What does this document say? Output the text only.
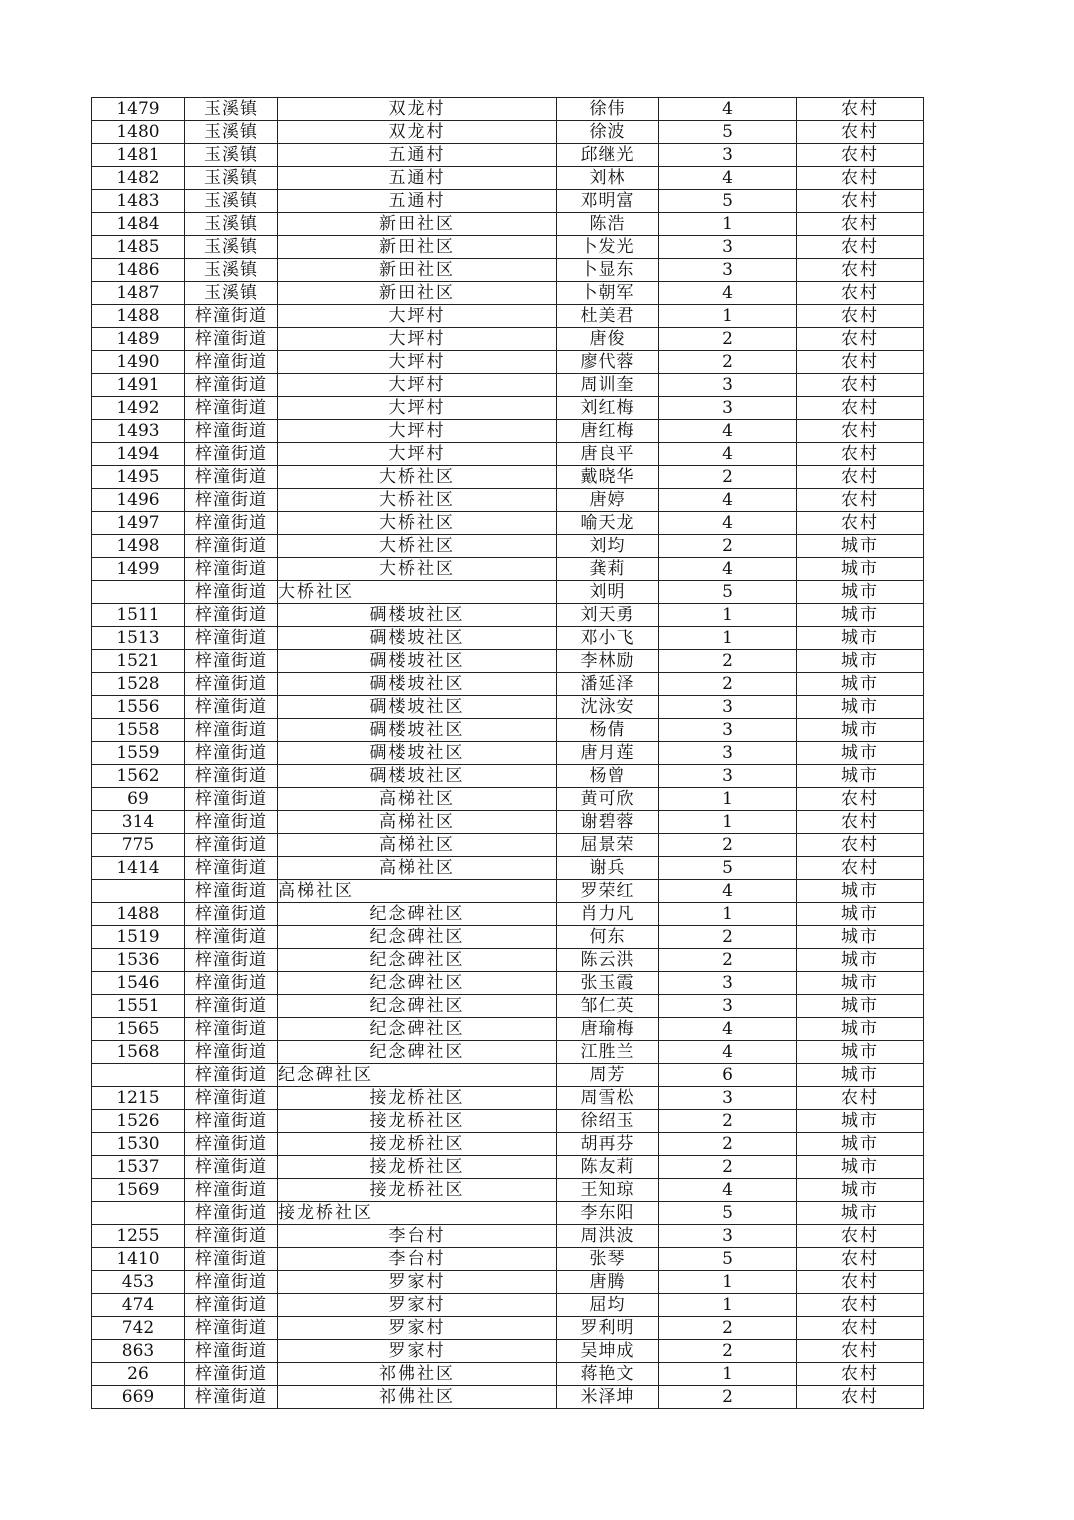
1479	玉溪镇	双龙村	徐伟	4	农村
1480	玉溪镇	双龙村	徐波	5	农村
1481	玉溪镇	五通村	邱继光	3	农村
1482	玉溪镇	五通村	刘林	4	农村
1483	玉溪镇	五通村	邓明富	5	农村
1484	玉溪镇	新田社区	陈浩	1	农村
1485	玉溪镇	新田社区	卜发光	3	农村
1486	玉溪镇	新田社区	卜显东	3	农村
1487	玉溪镇	新田社区	卜朝军	4	农村
1488	梓潼街道	大坪村	杜美君	1	农村
1489	梓潼街道	大坪村	唐俊	2	农村
1490	梓潼街道	大坪村	廖代蓉	2	农村
1491	梓潼街道	大坪村	周训奎	3	农村
1492	梓潼街道	大坪村	刘红梅	3	农村
1493	梓潼街道	大坪村	唐红梅	4	农村
1494	梓潼街道	大坪村	唐良平	4	农村
1495	梓潼街道	大桥社区	戴晓华	2	农村
1496	梓潼街道	大桥社区	唐婷	4	农村
1497	梓潼街道	大桥社区	喻天龙	4	农村
1498	梓潼街道	大桥社区	刘均	2	城市
1499	梓潼街道	大桥社区	龚莉	4	城市
	梓潼街道	大桥社区	刘明	5	城市
1511	梓潼街道	碉楼坡社区	刘天勇	1	城市
1513	梓潼街道	碉楼坡社区	邓小飞	1	城市
1521	梓潼街道	碉楼坡社区	李林励	2	城市
1528	梓潼街道	碉楼坡社区	潘延泽	2	城市
1556	梓潼街道	碉楼坡社区	沈泳安	3	城市
1558	梓潼街道	碉楼坡社区	杨倩	3	城市
1559	梓潼街道	碉楼坡社区	唐月莲	3	城市
1562	梓潼街道	碉楼坡社区	杨曾	3	城市
69	梓潼街道	高梯社区	黄可欣	1	农村
314	梓潼街道	高梯社区	谢碧蓉	1	农村
775	梓潼街道	高梯社区	屈景荣	2	农村
1414	梓潼街道	高梯社区	谢兵	5	农村
	梓潼街道	高梯社区	罗荣红	4	城市
1488	梓潼街道	纪念碑社区	肖力凡	1	城市
1519	梓潼街道	纪念碑社区	何东	2	城市
1536	梓潼街道	纪念碑社区	陈云洪	2	城市
1546	梓潼街道	纪念碑社区	张玉霞	3	城市
1551	梓潼街道	纪念碑社区	邹仁英	3	城市
1565	梓潼街道	纪念碑社区	唐瑜梅	4	城市
1568	梓潼街道	纪念碑社区	江胜兰	4	城市
	梓潼街道	纪念碑社区	周芳	6	城市
1215	梓潼街道	接龙桥社区	周雪松	3	农村
1526	梓潼街道	接龙桥社区	徐绍玉	2	城市
1530	梓潼街道	接龙桥社区	胡再芬	2	城市
1537	梓潼街道	接龙桥社区	陈友莉	2	城市
1569	梓潼街道	接龙桥社区	王知琼	4	城市
	梓潼街道	接龙桥社区	李东阳	5	城市
1255	梓潼街道	李台村	周洪波	3	农村
1410	梓潼街道	李台村	张琴	5	农村
453	梓潼街道	罗家村	唐腾	1	农村
474	梓潼街道	罗家村	屈均	1	农村
742	梓潼街道	罗家村	罗利明	2	农村
863	梓潼街道	罗家村	吴坤成	2	农村
26	梓潼街道	祁佛社区	蒋艳文	1	农村
669	梓潼街道	祁佛社区	米泽坤	2	农村
